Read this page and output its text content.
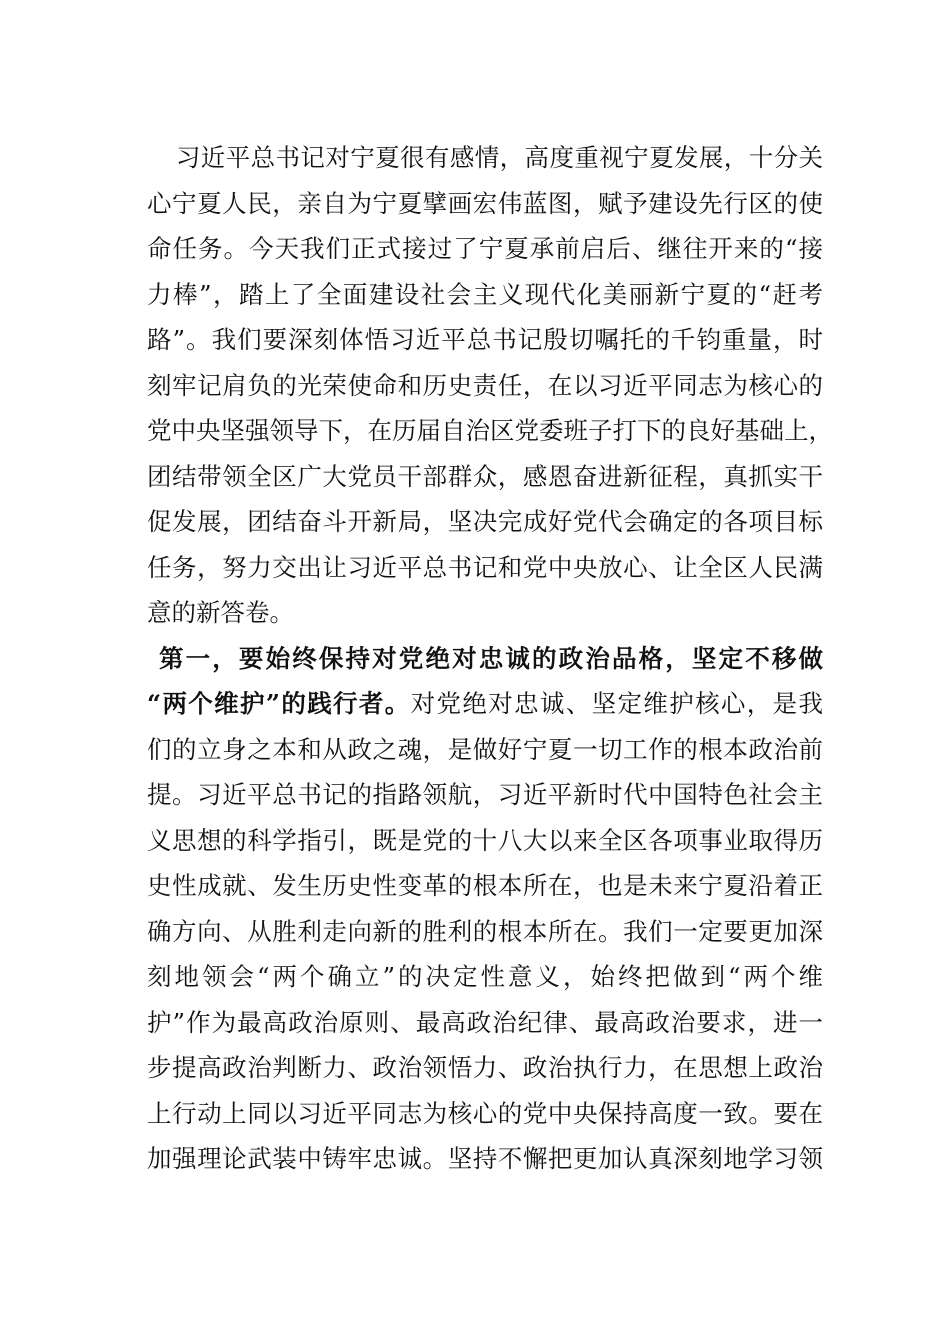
　习近平总书记对宁夏很有感情，高度重视宁夏发展，十分关
心宁夏人民，亲自为宁夏擘画宏伟蓝图，赋予建设先行区的使
命任务。今天我们正式接过了宁夏承前启后、继往开来的“接
力棒”，踏上了全面建设社会主义现代化美丽新宁夏的“赶考
路”。我们要深刻体悟习近平总书记殷切嘱托的千钧重量，时
刻牢记肩负的光荣使命和历史责任，在以习近平同志为核心的
党中央坚强领导下，在历届自治区党委班子打下的良好基础上，
团结带领全区广大党员干部群众，感恩奋进新征程，真抓实干
促发展，团结奋斗开新局，坚决完成好党代会确定的各项目标
任务，努力交出让习近平总书记和党中央放心、让全区人民满
意的新答卷。
第一，要始终保持对党绝对忠诚的政治品格，坚定不移做
“两个维护”的践行者。对党绝对忠诚、坚定维护核心，是我
们的立身之本和从政之魂，是做好宁夏一切工作的根本政治前
提。习近平总书记的指路领航，习近平新时代中国特色社会主
义思想的科学指引，既是党的十八大以来全区各项事业取得历
史性成就、发生历史性变革的根本所在，也是未来宁夏沿着正
确方向、从胜利走向新的胜利的根本所在。我们一定要更加深
刻地领会“两个确立”的决定性意义，始终把做到“两个维
护”作为最高政治原则、最高政治纪律、最高政治要求，进一
步提高政治判断力、政治领悟力、政治执行力，在思想上政治
上行动上同以习近平同志为核心的党中央保持高度一致。要在
加强理论武装中铸牢忠诚。坚持不懈把更加认真深刻地学习领
